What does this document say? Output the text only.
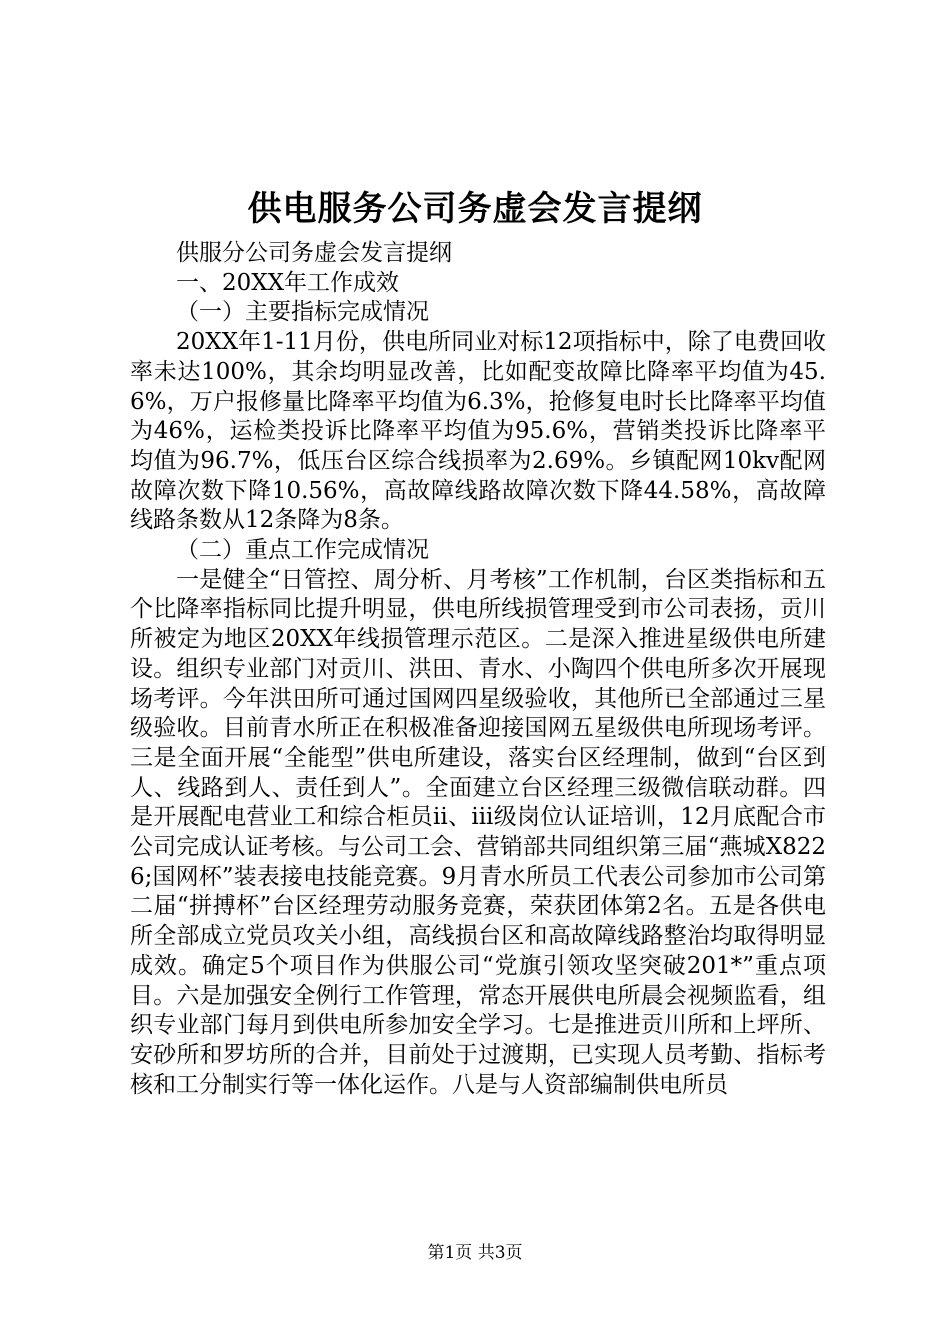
供电服务公司务虚会发言提纲

供服分公司务虚会发言提纲

一、20XX年工作成效

（一）主要指标完成情况

20XX年1-11月份，供电所同业对标12项指标中，除了电费回收率未达100%，其余均明显改善，比如配变故障比降率平均值为45.6%，万户报修量比降率平均值为6.3%，抢修复电时长比降率平均值为46%，运检类投诉比降率平均值为95.6%，营销类投诉比降率平均值为96.7%，低压台区综合线损率为2.69%。乡镇配网10kv配网故障次数下降10.56%，高故障线路故障次数下降44.58%，高故障线路条数从12条降为8条。

（二）重点工作完成情况

一是健全“日管控、周分析、月考核”工作机制，台区类指标和五个比降率指标同比提升明显，供电所线损管理受到市公司表扬，贡川所被定为地区20XX年线损管理示范区。二是深入推进星级供电所建设。组织专业部门对贡川、洪田、青水、小陶四个供电所多次开展现场考评。今年洪田所可通过国网四星级验收，其他所已全部通过三星级验收。目前青水所正在积极准备迎接国网五星级供电所现场考评。三是全面开展“全能型”供电所建设，落实台区经理制，做到“台区到人、线路到人、责任到人”。全面建立台区经理三级微信联动群。四是开展配电营业工和综合柜员ii、iii级岗位认证培训，12月底配合市公司完成认证考核。与公司工会、营销部共同组织第三届“燕城X8226;国网杯”装表接电技能竞赛。9月青水所员工代表公司参加市公司第二届“拼搏杯”台区经理劳动服务竞赛，荣获团体第2名。五是各供电所全部成立党员攻关小组，高线损台区和高故障线路整治均取得明显成效。确定5个项目作为供服公司“党旗引领攻坚突破201*”重点项目。六是加强安全例行工作管理，常态开展供电所晨会视频监看，组织专业部门每月到供电所参加安全学习。七是推进贡川所和上坪所、安砂所和罗坊所的合并，目前处于过渡期，已实现人员考勤、指标考核和工分制实行等一体化运作。八是与人资部编制供电所员

第1页 共3页
